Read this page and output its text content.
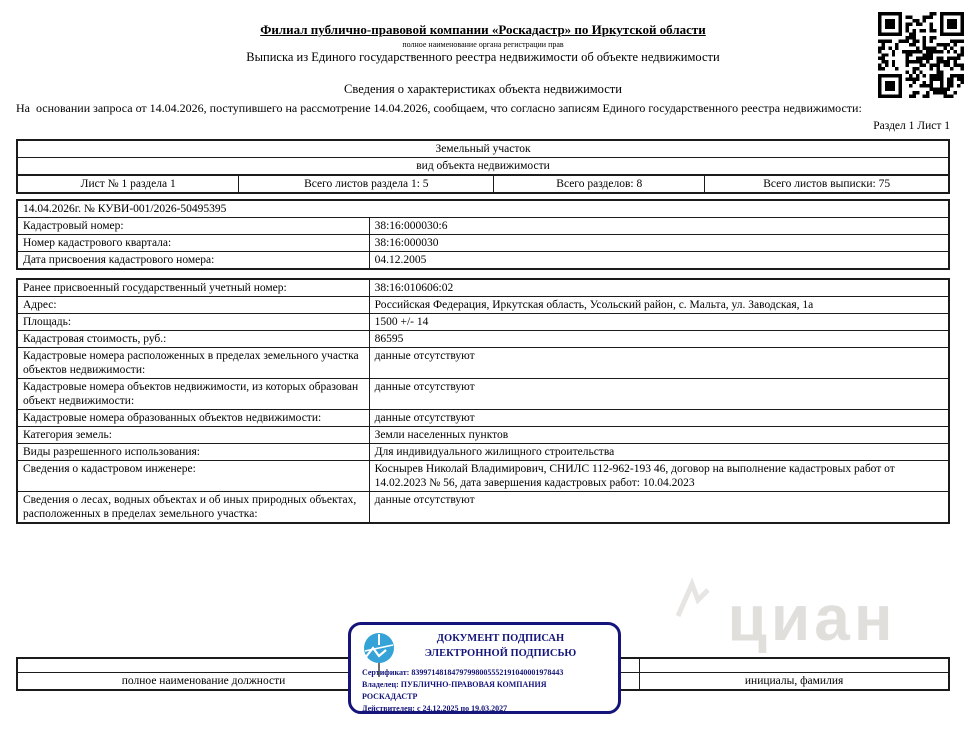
Филиал публично-правовой компании «Роскадастр» по Иркутской области
полное наименование органа регистрации прав
Выписка из Единого государственного реестра недвижимости об объекте недвижимости
Сведения о характеристиках объекта недвижимости
На  основании запроса от 14.04.2026, поступившего на рассмотрение 14.04.2026, сообщаем, что согласно записям Единого государственного реестра недвижимости:
Раздел 1 Лист 1
Земельный участок
вид объекта недвижимости
Лист № 1 раздела 1	Всего листов раздела 1: 5	Всего разделов: 8	Всего листов выписки: 75
14.04.2026г. № КУВИ-001/2026-50495395
Кадастровый номер:	38:16:000030:6
Номер кадастрового квартала:	38:16:000030
Дата присвоения кадастрового номера:	04.12.2005
Ранее присвоенный государственный учетный номер:	38:16:010606:02
Адрес:	Российская Федерация, Иркутская область, Усольский район, с. Мальта, ул. Заводская, 1а
Площадь:	1500 +/- 14
Кадастровая стоимость, руб.:	86595
Кадастровые номера расположенных в пределах земельного участка объектов недвижимости:
данные отсутствуют
Кадастровые номера объектов недвижимости, из которых образован объект недвижимости:
данные отсутствуют
Кадастровые номера образованных объектов недвижимости:	данные отсутствуют
Категория земель:	Земли населенных пунктов
Виды разрешенного использования:	Для индивидуального жилищного строительства
Сведения о кадастровом инженере:	Коснырев Николай Владимирович, СНИЛС 112-962-193 46, договор на выполнение кадастровых работ от 14.02.2023 № 56, дата завершения кадастровых работ: 10.04.2023
Сведения о лесах, водных объектах и об иных природных объектах, расположенных в пределах земельного участка:
данные отсутствуют
циан
полное наименование должности	инициалы, фамилия
ДОКУМЕНТ ПОДПИСАН
ЭЛЕКТРОННОЙ ПОДПИСЬЮ
Сертификат: 83997148184797998005552191040001978443
Владелец: ПУБЛИЧНО-ПРАВОВАЯ КОМПАНИЯ
РОСКАДАСТР
Действителен: с 24.12.2025 по 19.03.2027
